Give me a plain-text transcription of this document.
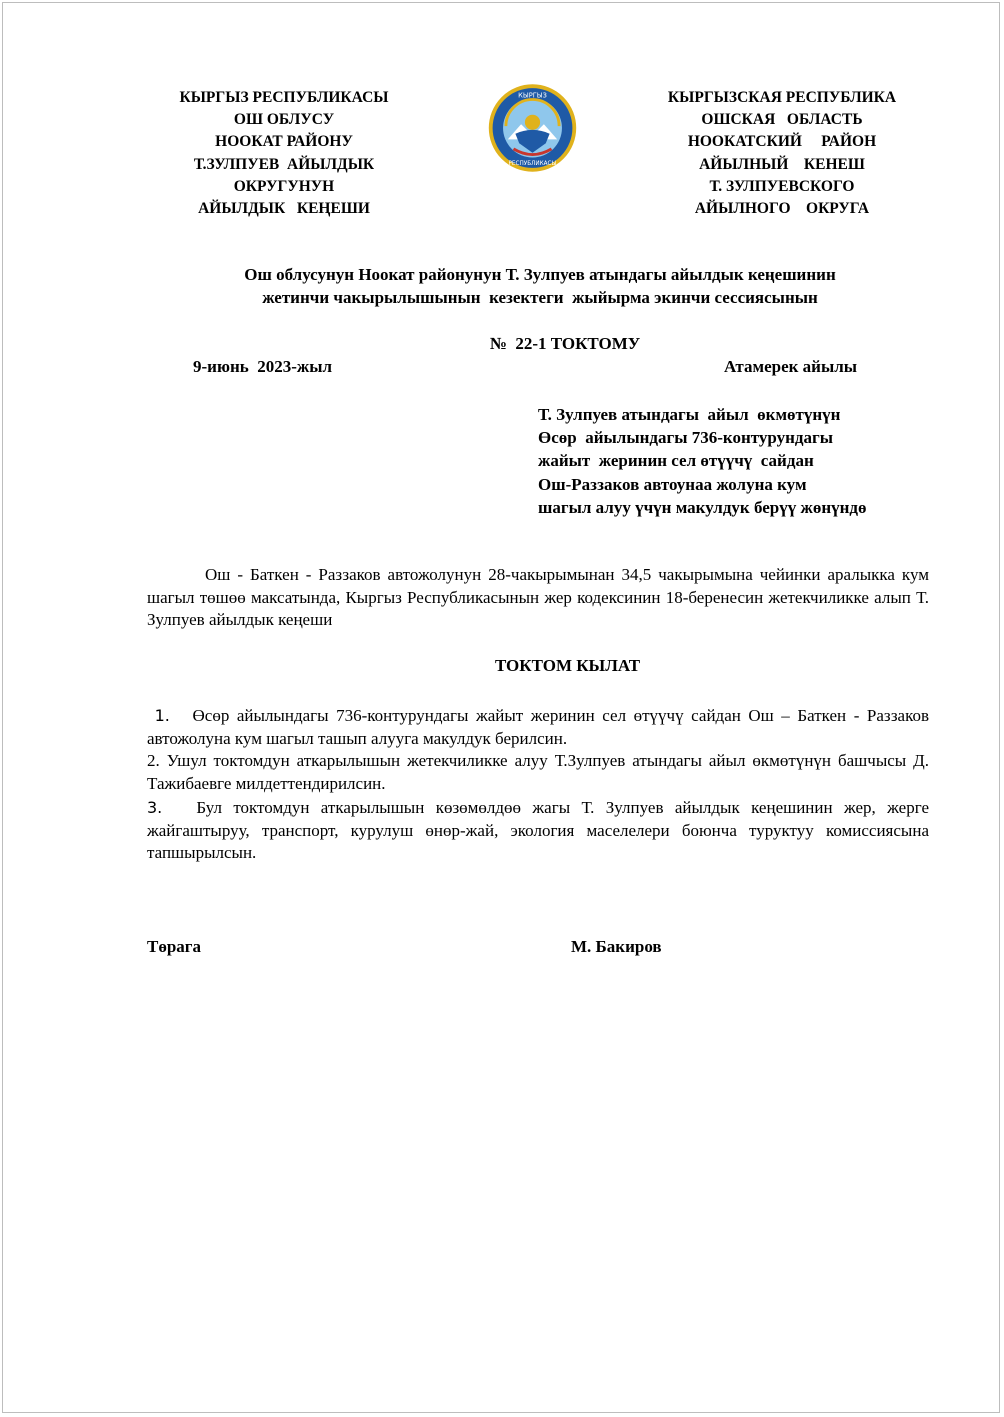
КЫРГЫЗ РЕСПУБЛИКАСЫ
ОШ ОБЛУСУ
НООКАТ РАЙОНУ
Т.ЗУЛПУЕВ  АЙЫЛДЫК
ОКРУГУНУН
АЙЫЛДЫК   КЕҢЕШИ
КЫРГЫЗ
РЕСПУБЛИКАСЫ
КЫРГЫЗСКАЯ РЕСПУБЛИКА
ОШСКАЯ   ОБЛАСТЬ
НООКАТСКИЙ     РАЙОН
АЙЫЛНЫЙ    КЕНЕШ
Т. ЗУЛПУЕВСКОГО
АЙЫЛНОГО    ОКРУГА
Ош облусунун Ноокат районунун Т. Зулпуев атындагы айылдык кеңешинин
жетинчи чакырылышынын  кезектеги  жыйырма экинчи сессиясынын
№  22-1 ТОКТОМУ
9-июнь  2023-жыл	Атамерек айылы
Т. Зулпуев атындагы  айыл  өкмөтүнүн
Өсөр  айылындагы 736-контурундагы
жайыт  жеринин сел өтүүчү  сайдан
Ош-Раззаков автоунаа жолуна кум
шагыл алуу үчүн макулдук берүү жөнүндө
Ош - Баткен - Раззаков автожолунун 28-чакырымынан 34,5 чакырымына чейинки аралыкка кум шагыл төшөө максатында, Кыргыз Республикасынын жер кодексинин 18-беренесин жетекчиликке алып Т. Зулпуев айылдык кеңеши
ТОКТОМ КЫЛАТ
1. Өсөр айылындагы 736-контурундагы жайыт жеринин сел өтүүчү сайдан Ош – Баткен - Раззаков автожолуна кум шагыл ташып алууга макулдук берилсин.
2. Ушул токтомдун аткарылышын жетекчиликке алуу Т.Зулпуев атындагы айыл өкмөтүнүн башчысы Д. Тажибаевге милдеттендирилсин.
3. Бул токтомдун аткарылышын көзөмөлдөө жагы Т. Зулпуев айылдык кеңешинин жер, жерге жайгаштыруу, транспорт, курулуш өнөр-жай, экология маселелери боюнча туруктуу комиссиясына тапшырылсын.
Төрага	М. Бакиров
